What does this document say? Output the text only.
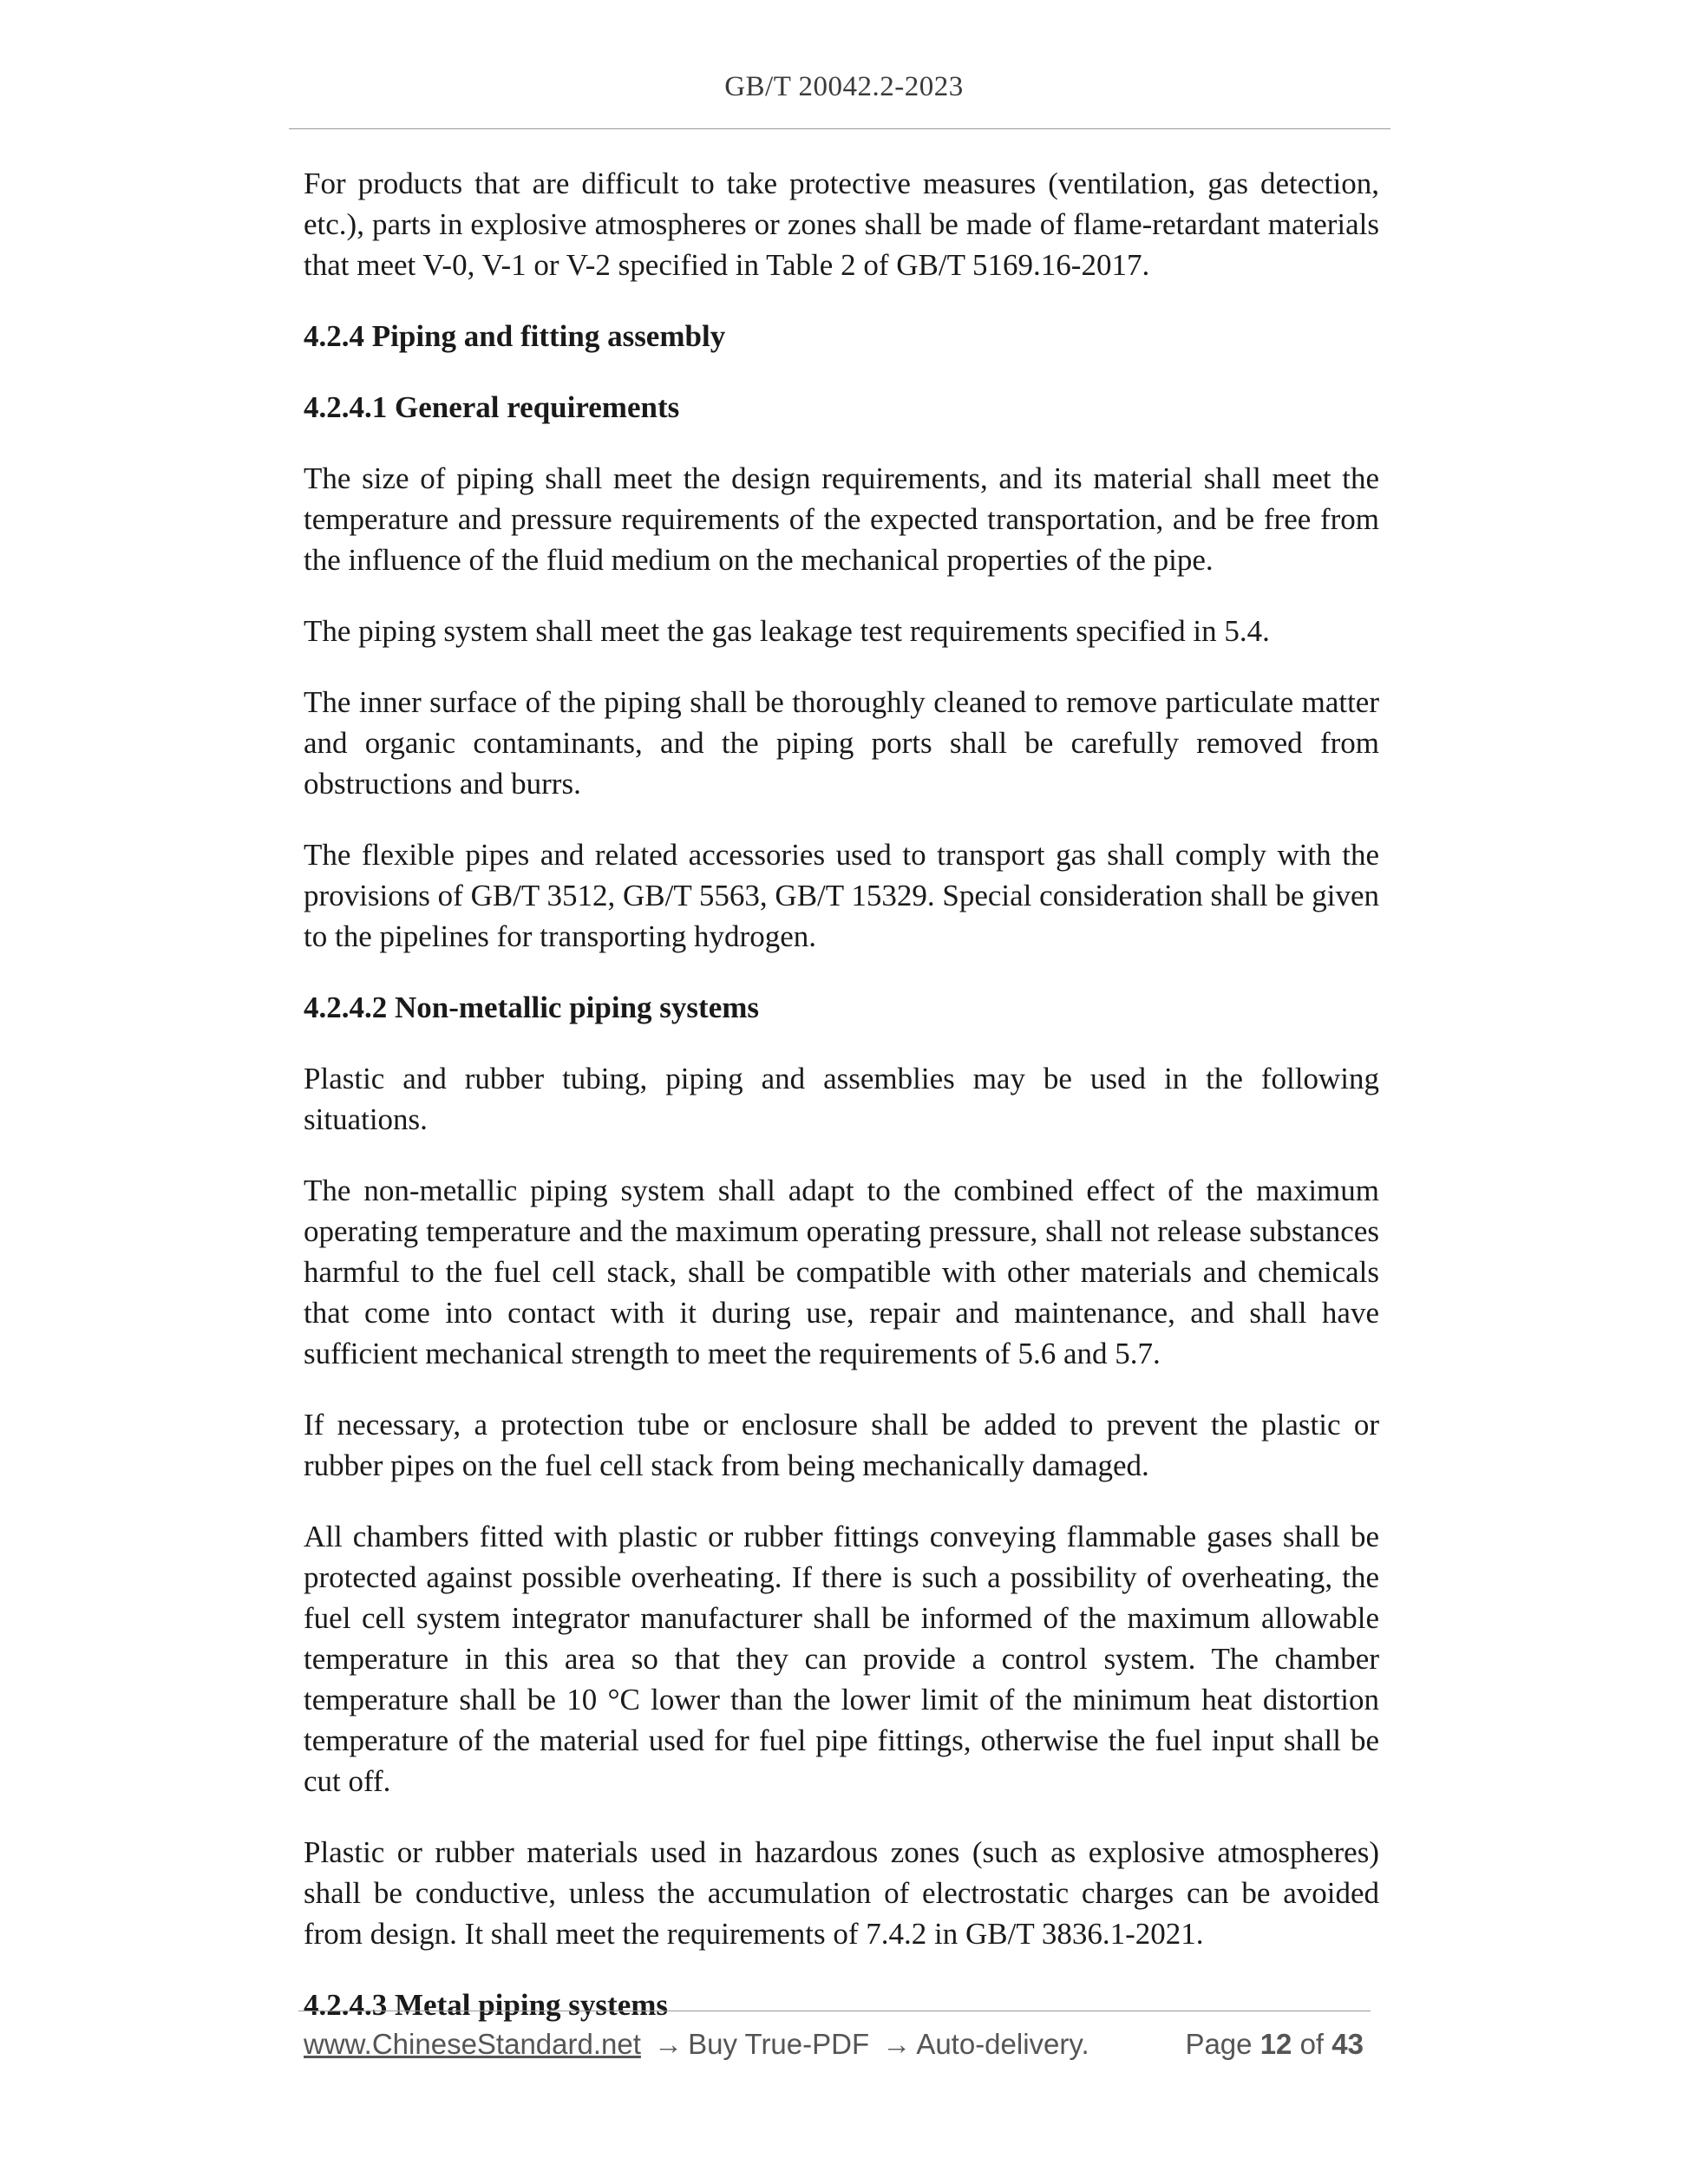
GB/T 20042.2-2023

For products that are difficult to take protective measures (ventilation, gas detection, etc.), parts in explosive atmospheres or zones shall be made of flame-retardant materials that meet V-0, V-1 or V-2 specified in Table 2 of GB/T 5169.16-2017.

4.2.4 Piping and fitting assembly
4.2.4.1 General requirements

The size of piping shall meet the design requirements, and its material shall meet the temperature and pressure requirements of the expected transportation, and be free from the influence of the fluid medium on the mechanical properties of the pipe.

The piping system shall meet the gas leakage test requirements specified in 5.4.

The inner surface of the piping shall be thoroughly cleaned to remove particulate matter and organic contaminants, and the piping ports shall be carefully removed from obstructions and burrs.

The flexible pipes and related accessories used to transport gas shall comply with the provisions of GB/T 3512, GB/T 5563, GB/T 15329. Special consideration shall be given to the pipelines for transporting hydrogen.

4.2.4.2 Non-metallic piping systems

Plastic and rubber tubing, piping and assemblies may be used in the following situations.

The non-metallic piping system shall adapt to the combined effect of the maximum operating temperature and the maximum operating pressure, shall not release substances harmful to the fuel cell stack, shall be compatible with other materials and chemicals that come into contact with it during use, repair and maintenance, and shall have sufficient mechanical strength to meet the requirements of 5.6 and 5.7.

If necessary, a protection tube or enclosure shall be added to prevent the plastic or rubber pipes on the fuel cell stack from being mechanically damaged.

All chambers fitted with plastic or rubber fittings conveying flammable gases shall be protected against possible overheating. If there is such a possibility of overheating, the fuel cell system integrator manufacturer shall be informed of the maximum allowable temperature in this area so that they can provide a control system. The chamber temperature shall be 10 °C lower than the lower limit of the minimum heat distortion temperature of the material used for fuel pipe fittings, otherwise the fuel input shall be cut off.

Plastic or rubber materials used in hazardous zones (such as explosive atmospheres) shall be conductive, unless the accumulation of electrostatic charges can be avoided from design. It shall meet the requirements of 7.4.2 in GB/T 3836.1-2021.

4.2.4.3 Metal piping systems
www.ChineseStandard.net → Buy True-PDF → Auto-delivery.	Page 12 of 43
